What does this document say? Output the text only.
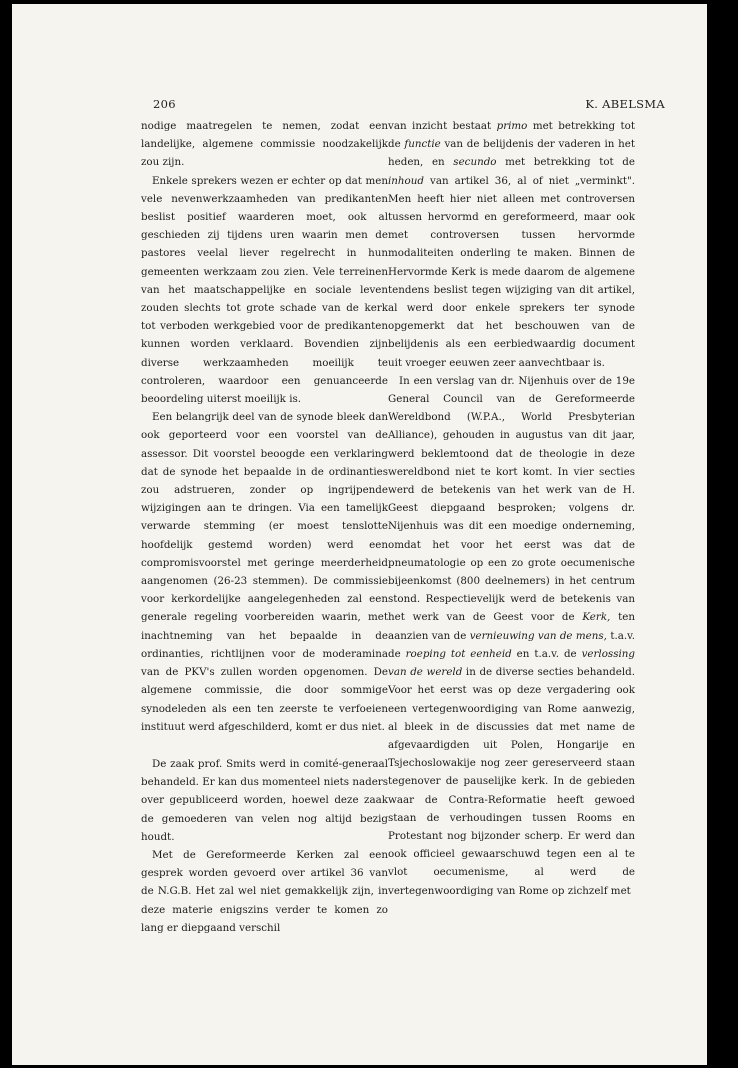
206	K. ABELSMA

nodige maatregelen te nemen, zodat een landelijke, algemene commissie noodzakelijk zou zijn.

Enkele sprekers wezen er echter op dat men vele nevenwerkzaamheden van predikanten beslist positief waarderen moet, ook al geschieden zij tijdens uren waarin men de pastores veelal liever regelrecht in hun gemeenten werkzaam zou zien. Vele terreinen van het maatschappelijke en sociale leven zouden slechts tot grote schade van de kerk tot verboden werkgebied voor de predikanten kunnen worden verklaard. Bovendien zijn diverse werkzaamheden moeilijk te controleren, waardoor een genuanceerde beoordeling uiterst moeilijk is.

Een belangrijk deel van de synode bleek dan ook geporteerd voor een voorstel van de assessor. Dit voorstel beoogde een verklaring dat de synode het bepaalde in de ordinanties zou adstrueren, zonder op ingrijpende wijzigingen aan te dringen. Via een tamelijk verwarde stemming (er moest tenslotte hoofdelijk gestemd worden) werd een compromisvoorstel met geringe meerderheid aangenomen (26-23 stemmen). De commissie voor kerkordelijke aangelegenheden zal een generale regeling voorbereiden waarin, met inachtneming van het bepaalde in de ordinanties, richtlijnen voor de moderamina van de PKV's zullen worden opgenomen. De algemene commissie, die door sommige synodeleden als een ten zeerste te verfoeien instituut werd afgeschilderd, komt er dus niet.

De zaak prof. Smits werd in comité-generaal behandeld. Er kan dus momenteel niets naders over gepubliceerd worden, hoewel deze zaak de gemoederen van velen nog altijd bezig houdt.

Met de Gereformeerde Kerken zal een gesprek worden gevoerd over artikel 36 van de N.G.B. Het zal wel niet gemakkelijk zijn, in deze materie enigszins verder te komen zo lang er diepgaand verschil

van inzicht bestaat primo met betrekking tot de functie van de belijdenis der vaderen in het heden, en secundo met betrekking tot de inhoud van artikel 36, al of niet „verminkt". Men heeft hier niet alleen met controversen tussen hervormd en gereformeerd, maar ook met controversen tussen hervormde modaliteiten onderling te maken. Binnen de Hervormde Kerk is mede daarom de algemene tendens beslist tegen wijziging van dit artikel, al werd door enkele sprekers ter synode opgemerkt dat het beschouwen van de belijdenis als een eerbiedwaardig document uit vroeger eeuwen zeer aanvechtbaar is.

In een verslag van dr. Nijenhuis over de 19e General Council van de Gereformeerde Wereldbond (W.P.A., World Presbyterian Alliance), gehouden in augustus van dit jaar, werd beklemtoond dat de theologie in deze wereldbond niet te kort komt. In vier secties werd de betekenis van het werk van de H. Geest diepgaand besproken; volgens dr. Nijenhuis was dit een moedige onderneming, omdat het voor het eerst was dat de pneumatologie op een zo grote oecumenische bijeenkomst (800 deelnemers) in het centrum stond. Respectievelijk werd de betekenis van het werk van de Geest voor de Kerk, ten aanzien van de vernieuwing van de mens, t.a.v. de roeping tot eenheid en t.a.v. de verlossing van de wereld in de diverse secties behandeld. Voor het eerst was op deze vergadering ook een vertegenwoordiging van Rome aanwezig, al bleek in de discussies dat met name de afgevaardigden uit Polen, Hongarije en Tsjechoslowakije nog zeer gereserveerd staan tegenover de pauselijke kerk. In de gebieden waar de Contra-Reformatie heeft gewoed staan de verhoudingen tussen Rooms en Protestant nog bijzonder scherp. Er werd dan ook officieel gewaarschuwd tegen een al te vlot oecumenisme, al werd de vertegenwoordiging van Rome op zichzelf met
